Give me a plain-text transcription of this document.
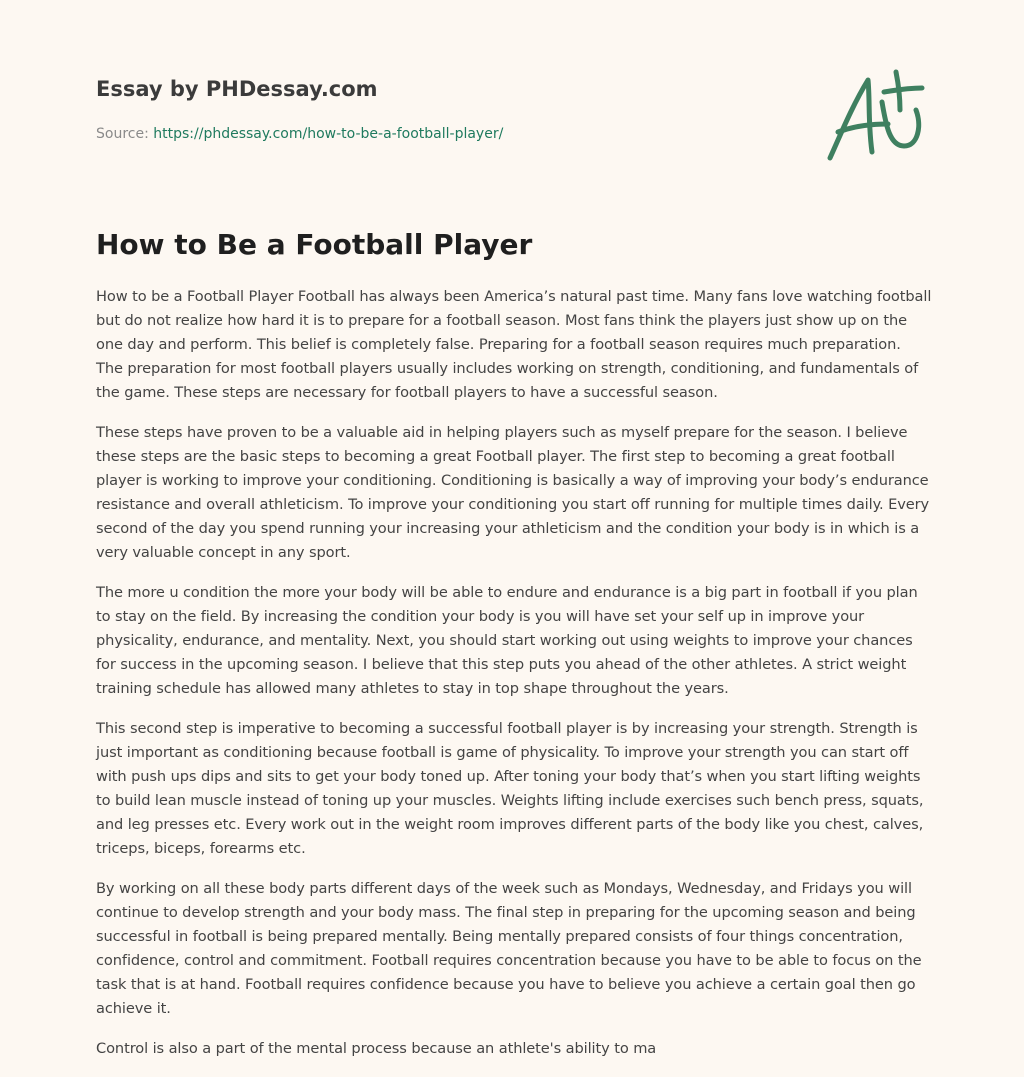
Essay by PHDessay.com
Source: https://phdessay.com/how-to-be-a-football-player/
How to Be a Football Player

How to be a Football Player Football has always been America’s natural past time. Many fans love watching football but do not realize how hard it is to prepare for a football season. Most fans think the players just show up on the one day and perform. This belief is completely false. Preparing for a football season requires much preparation. The preparation for most football players usually includes working on strength, conditioning, and fundamentals of the game. These steps are necessary for football players to have a successful season.

These steps have proven to be a valuable aid in helping players such as myself prepare for the season. I believe these steps are the basic steps to becoming a great Football player. The first step to becoming a great football player is working to improve your conditioning. Conditioning is basically a way of improving your body’s endurance resistance and overall athleticism. To improve your conditioning you start off running for multiple times daily. Every second of the day you spend running your increasing your athleticism and the condition your body is in which is a very valuable concept in any sport.

The more u condition the more your body will be able to endure and endurance is a big part in football if you plan to stay on the field. By increasing the condition your body is you will have set your self up in improve your physicality, endurance, and mentality. Next, you should start working out using weights to improve your chances for success in the upcoming season. I believe that this step puts you ahead of the other athletes. A strict weight training schedule has allowed many athletes to stay in top shape throughout the years.

This second step is imperative to becoming a successful football player is by increasing your strength. Strength is just important as conditioning because football is game of physicality. To improve your strength you can start off with push ups dips and sits to get your body toned up. After toning your body that’s when you start lifting weights to build lean muscle instead of toning up your muscles. Weights lifting include exercises such bench press, squats, and leg presses etc. Every work out in the weight room improves different parts of the body like you chest, calves, triceps, biceps, forearms etc.

By working on all these body parts different days of the week such as Mondays, Wednesday, and Fridays you will continue to develop strength and your body mass. The final step in preparing for the upcoming season and being successful in football is being prepared mentally. Being mentally prepared consists of four things concentration, confidence, control and commitment. Football requires concentration because you have to be able to focus on the task that is at hand. Football requires confidence because you have to believe you achieve a certain goal then go achieve it.

Control is also a part of the mental process because an athlete's ability to ma
